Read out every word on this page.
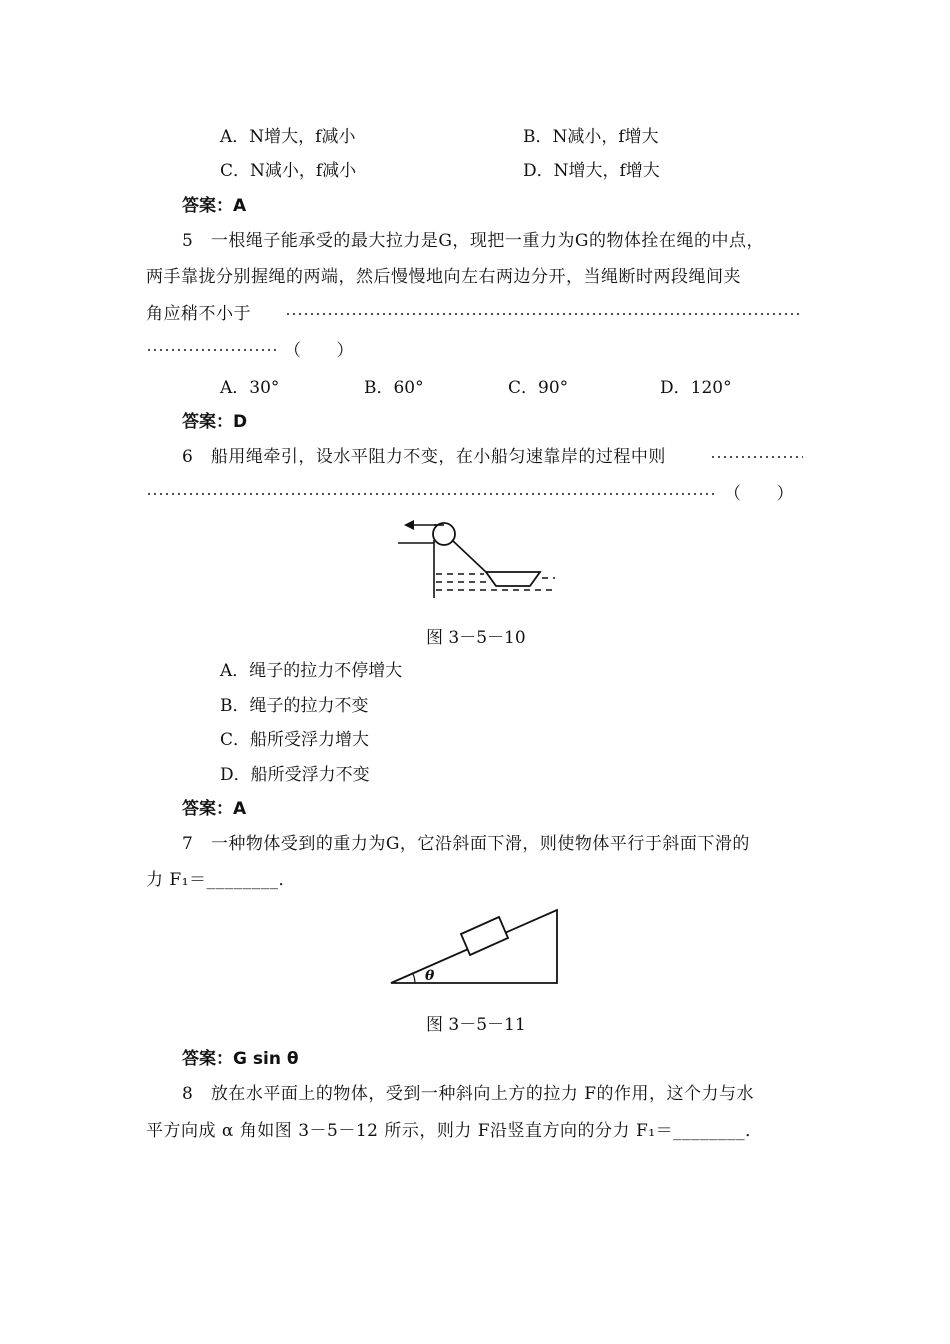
A．N增大，f减小	B．N减小，f增大
C．N减小，f减小	D．N增大，f增大
答案：A
5　一根绳子能承受的最大拉力是G，现把一重力为G的物体拴在绳的中点，
两手靠拢分别握绳的两端，然后慢慢地向左右两边分开，当绳断时两段绳间夹
角应稍不小于
（　　）
A．30°	B．60°	C．90°	D．120°
答案：D
6　船用绳牵引，设水平阻力不变，在小船匀速靠岸的过程中则
（　　）
图 3－5－10
A．绳子的拉力不停增大
B．绳子的拉力不变
C．船所受浮力增大
D．船所受浮力不变
答案：A
7　一种物体受到的重力为G，它沿斜面下滑，则使物体平行于斜面下滑的
力 F₁＝________．
θ
图 3－5－11
答案：G sin θ
8　放在水平面上的物体，受到一种斜向上方的拉力 F的作用，这个力与水
平方向成 α 角如图 3－5－12 所示，则力 F沿竖直方向的分力 F₁＝________．
